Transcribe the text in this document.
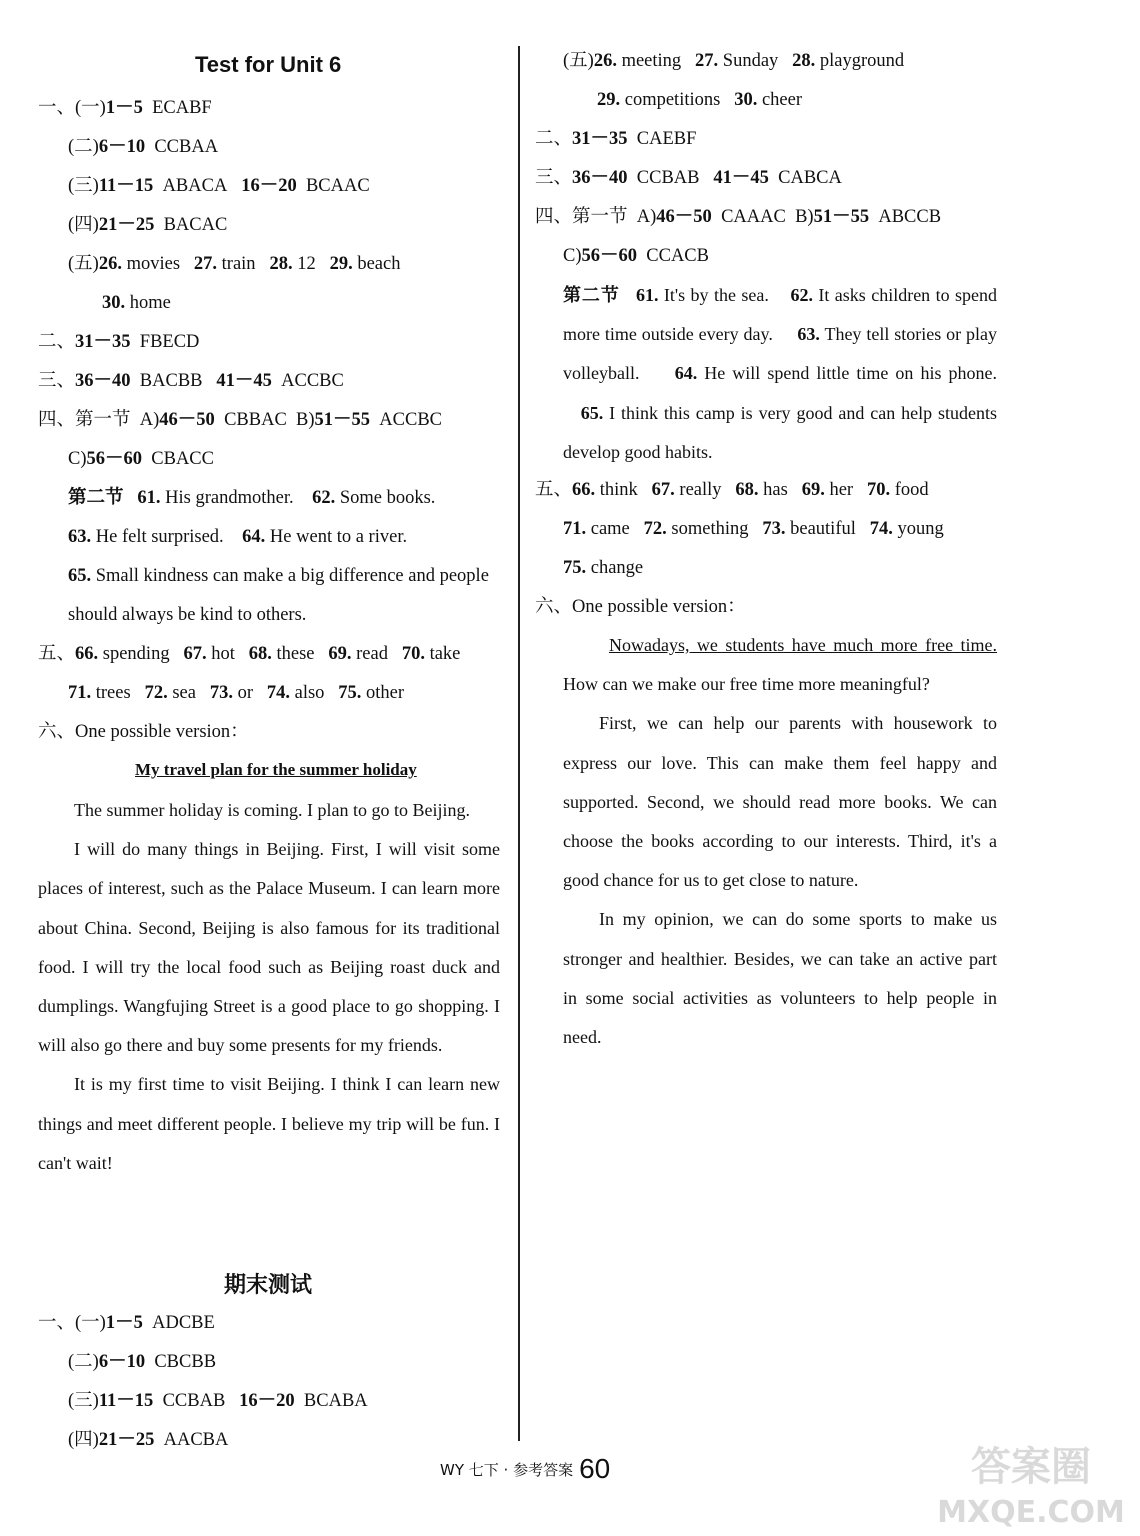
Test for Unit 6
一、(一)1－5 ECABF
(二)6－10 CCBAA
(三)11－15 ABACA 16－20 BCAAC
(四)21－25 BACAC
(五)26. movies 27. train 28. 12 29. beach
30. home
二、31－35 FBECD
三、36－40 BACBB 41－45 ACCBC
四、第一节 A)46－50 CBBAC B)51－55 ACCBC
C)56－60 CBACC
第二节 61. His grandmother. 62. Some books.
63. He felt surprised. 64. He went to a river.
65. Small kindness can make a big difference and people
should always be kind to others.
五、66. spending 67. hot 68. these 69. read 70. take
71. trees 72. sea 73. or 74. also 75. other
六、One possible version：
My travel plan for the summer holiday
The summer holiday is coming. I plan to go to Beijing.
I will do many things in Beijing. First, I will visit some places of interest, such as the Palace Museum. I can learn more about China. Second, Beijing is also famous for its traditional food. I will try the local food such as Beijing roast duck and dumplings. Wangfujing Street is a good place to go shopping. I will also go there and buy some presents for my friends.
It is my first time to visit Beijing. I think I can learn new things and meet different people. I believe my trip will be fun. I can't wait!
期末测试
一、(一)1－5 ADCBE
(二)6－10 CBCBB
(三)11－15 CCBAB 16－20 BCABA
(四)21－25 AACBA
(五)26. meeting 27. Sunday 28. playground
29. competitions 30. cheer
二、31－35 CAEBF
三、36－40 CCBAB 41－45 CABCA
四、第一节 A)46－50 CAAAC B)51－55 ABCCB
C)56－60 CCACB
第二节 61. It's by the sea.    62. It asks children to spend more time outside every day.     63. They tell stories or play volleyball.     64. He will spend little time on his phone.    65. I think this camp is very good and can help students develop good habits.
五、66. think 67. really 68. has 69. her 70. food
71. came 72. something 73. beautiful 74. young
75. change
六、One possible version：
Nowadays, we students have much more free time. How can we make our free time more meaningful?
First, we can help our parents with housework to express our love. This can make them feel happy and supported. Second, we should read more books. We can choose the books according to our interests. Third, it's a good chance for us to get close to nature.
In my opinion, we can do some sports to make us stronger and healthier. Besides, we can take an active part in some social activities as volunteers to help people in need.
WY 七下 · 参考答案 60	答案圈
MXQE.COM
